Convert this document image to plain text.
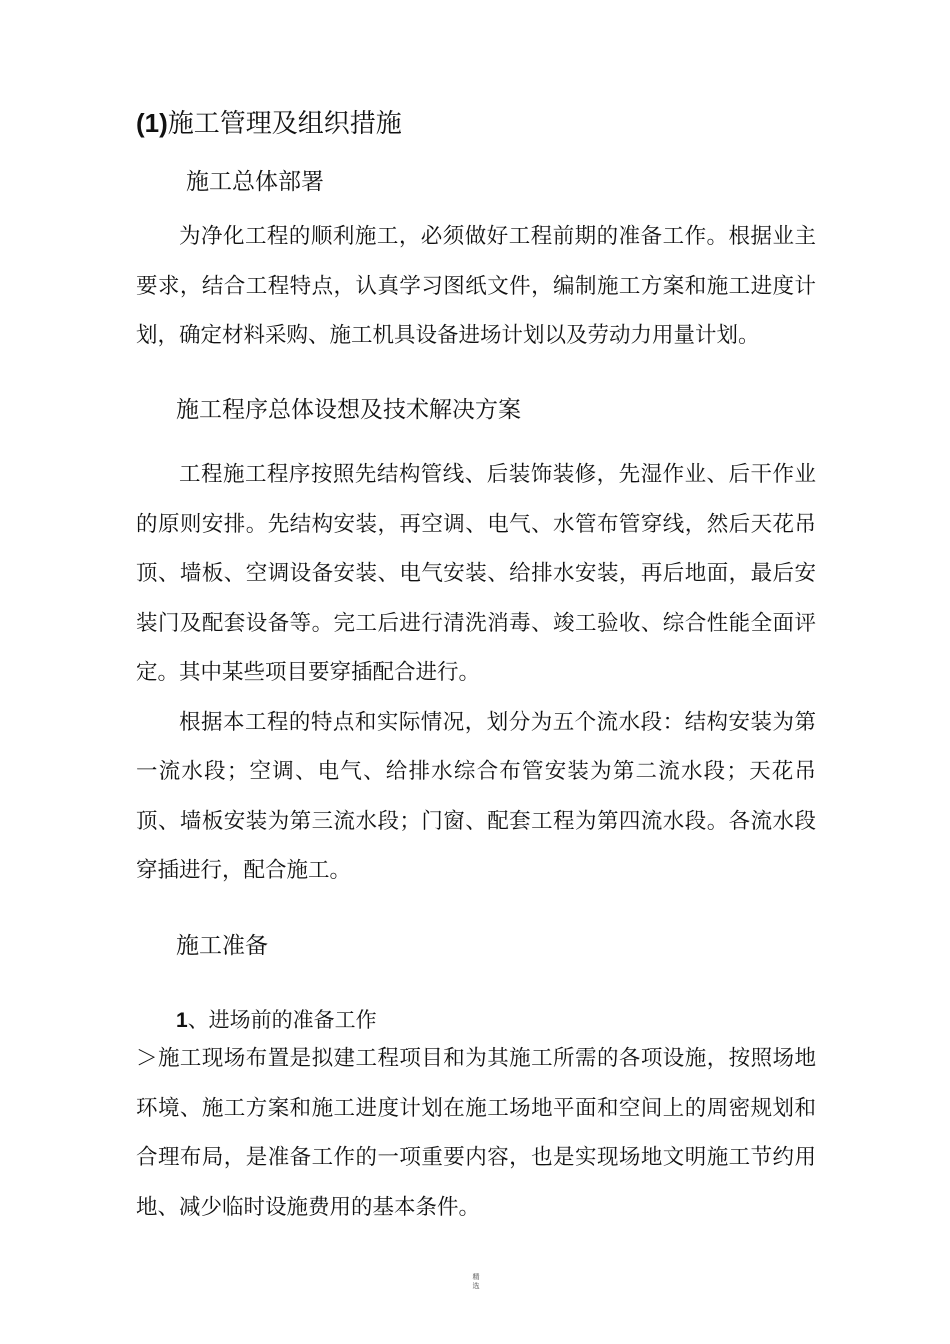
(1)施工管理及组织措施
施工总体部署

为净化工程的顺利施工，必须做好工程前期的准备工作。根据业主要求，结合工程特点，认真学习图纸文件，编制施工方案和施工进度计划，确定材料采购、施工机具设备进场计划以及劳动力用量计划。

施工程序总体设想及技术解决方案

工程施工程序按照先结构管线、后装饰装修，先湿作业、后干作业的原则安排。先结构安装，再空调、电气、水管布管穿线，然后天花吊顶、墙板、空调设备安装、电气安装、给排水安装，再后地面，最后安装门及配套设备等。完工后进行清洗消毒、竣工验收、综合性能全面评定。其中某些项目要穿插配合进行。

根据本工程的特点和实际情况，划分为五个流水段：结构安装为第一流水段；空调、电气、给排水综合布管安装为第二流水段；天花吊顶、墙板安装为第三流水段；门窗、配套工程为第四流水段。各流水段穿插进行，配合施工。

施工准备
1、进场前的准备工作

＞施工现场布置是拟建工程项目和为其施工所需的各项设施，按照场地环境、施工方案和施工进度计划在施工场地平面和空间上的周密规划和合理布局，是准备工作的一项重要内容，也是实现场地文明施工节约用地、减少临时设施费用的基本条件。

精
选
